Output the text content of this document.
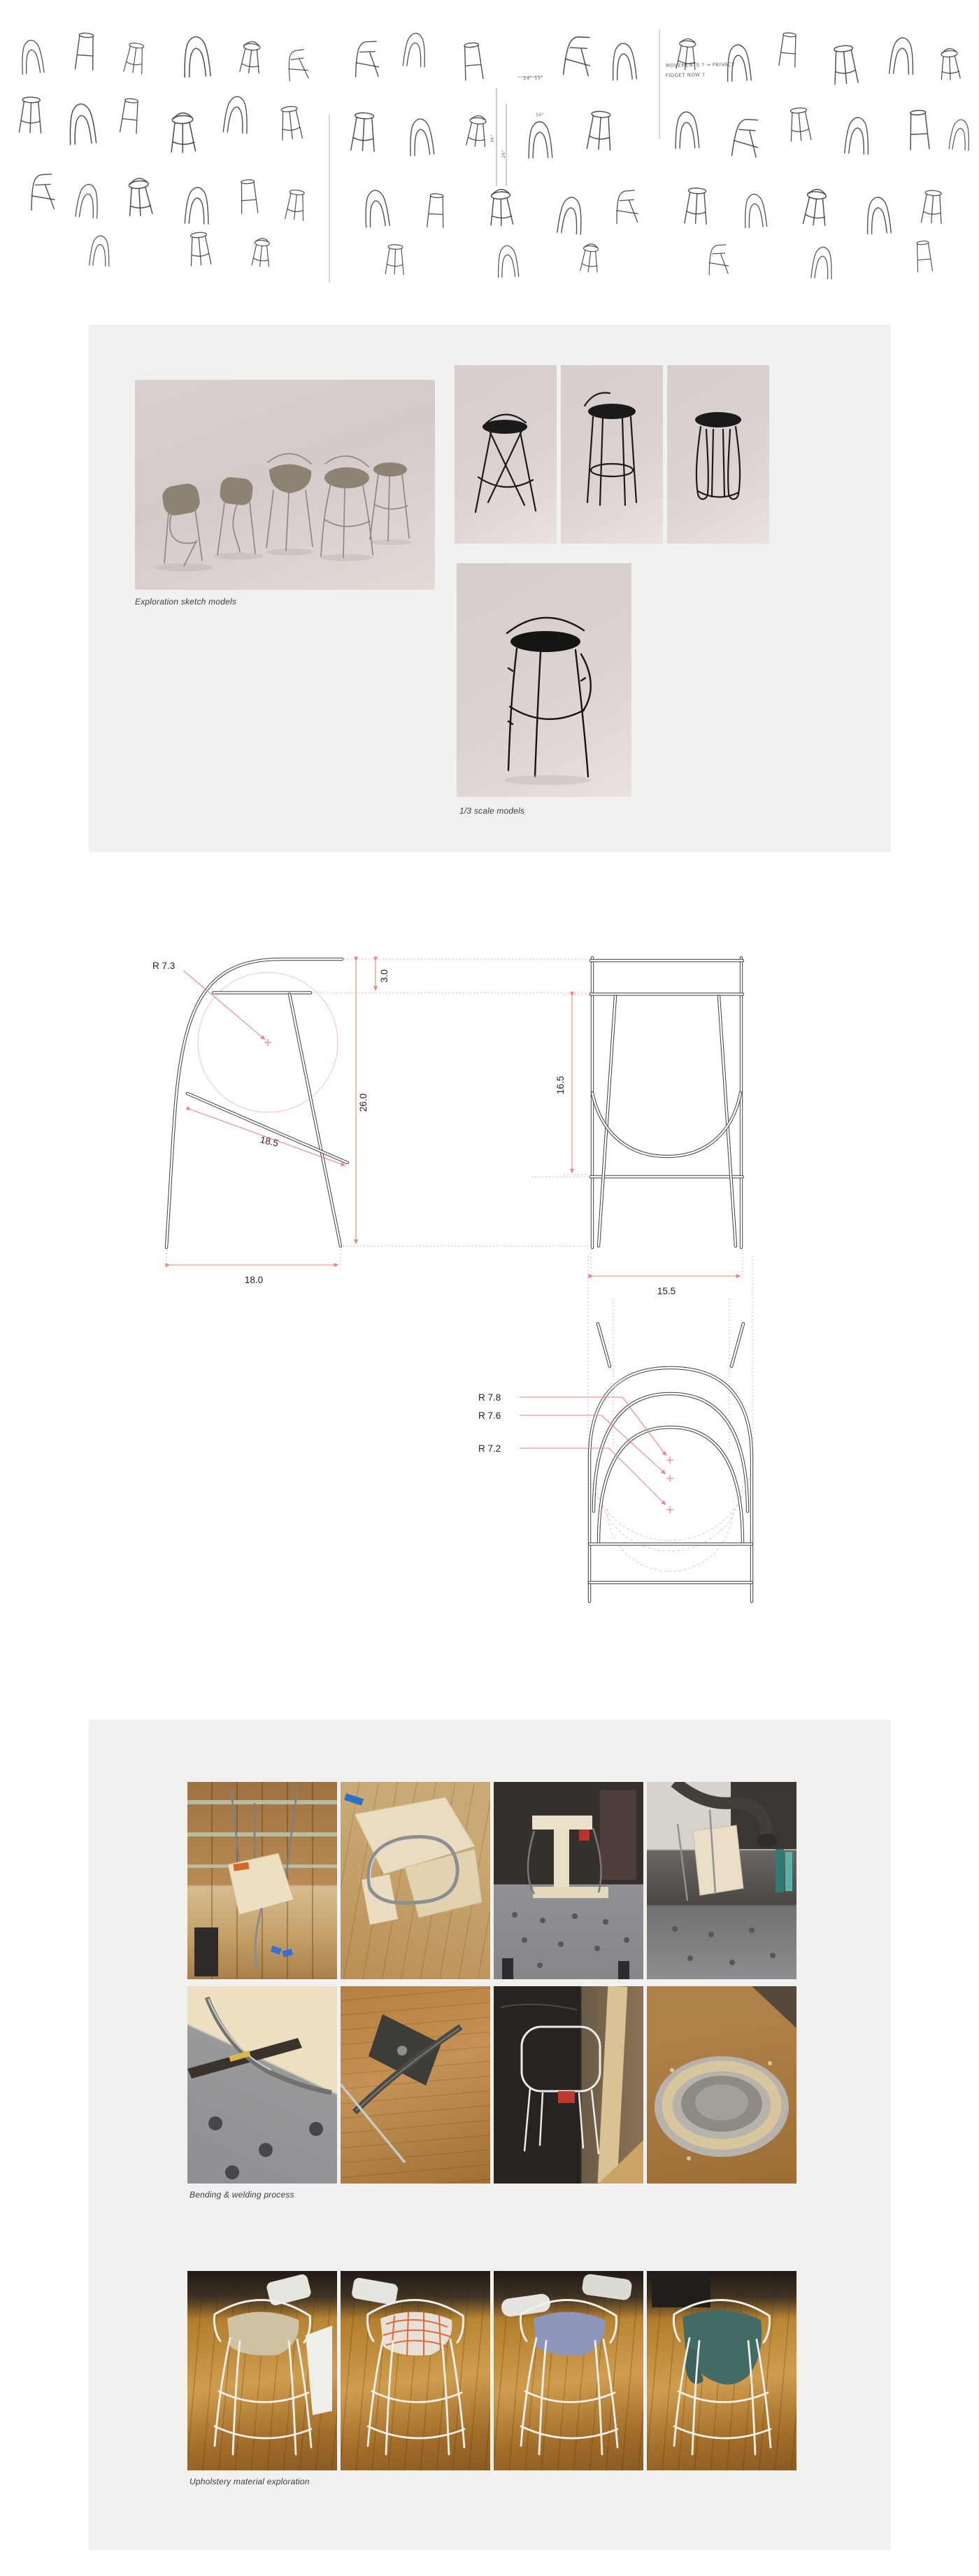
MOVEMENTS ? → PRIVACY
FIDGET NOW ?
14" 11"
16"
36"
26"
Exploration sketch models
1/3 scale models
R 7.3
3.0
26.0
18.5
18.0
16.5
15.5
R 7.8
R 7.6
R 7.2
Bending & welding process
Upholstery material exploration
